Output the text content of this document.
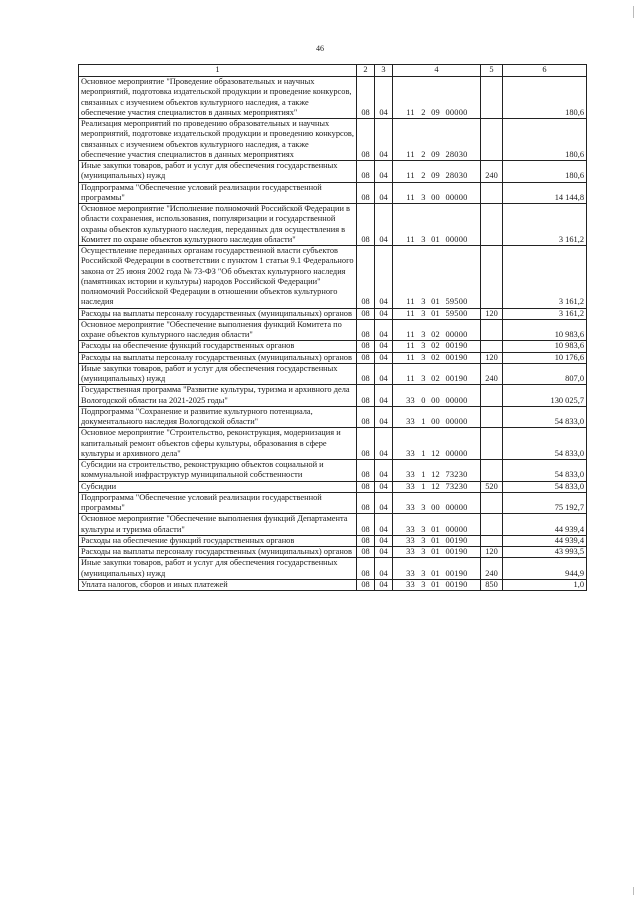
46
1	2	3	4	5	6
Основное мероприятие "Проведение образовательных и научных мероприятий, подготовка издательской продукции и проведение конкурсов, связанных с изучением объектов культурного наследия, а также обеспечение участия специалистов в данных мероприятиях"	08	04	11 2 09 00000		180,6
Реализация мероприятий по проведению образовательных и научных мероприятий, подготовке издательской продукции и проведению конкурсов, связанных с изучением объектов культурного наследия, а также обеспечение участия специалистов в данных мероприятиях	08	04	11 2 09 28030		180,6
Иные закупки товаров, работ и услуг для обеспечения государственных (муниципальных) нужд	08	04	11 2 09 28030	240	180,6
Подпрограмма "Обеспечение условий реализации государственной программы"	08	04	11 3 00 00000		14 144,8
Основное мероприятие "Исполнение полномочий Российской Федерации в области сохранения, использования, популяризации и государственной охраны объектов культурного наследия, переданных для осуществления в Комитет по охране объектов культурного наследия области"	08	04	11 3 01 00000		3 161,2
Осуществление переданных органам государственной власти субъектов Российской Федерации в соответствии с пунктом 1 статьи 9.1 Федерального закона от 25 июня 2002 года № 73-ФЗ "Об объектах культурного наследия (памятниках истории и культуры) народов Российской Федерации" полномочий Российской Федерации в отношении объектов культурного наследия	08	04	11 3 01 59500		3 161,2
Расходы на выплаты персоналу государственных (муниципальных) органов	08	04	11 3 01 59500	120	3 161,2
Основное мероприятие "Обеспечение выполнения функций Комитета по охране объектов культурного наследия области"	08	04	11 3 02 00000		10 983,6
Расходы на обеспечение функций государственных органов	08	04	11 3 02 00190		10 983,6
Расходы на выплаты персоналу государственных (муниципальных) органов	08	04	11 3 02 00190	120	10 176,6
Иные закупки товаров, работ и услуг для обеспечения государственных (муниципальных) нужд	08	04	11 3 02 00190	240	807,0
Государственная программа "Развитие культуры, туризма и архивного дела Вологодской области на 2021-2025 годы"	08	04	33 0 00 00000		130 025,7
Подпрограмма "Сохранение и развитие культурного потенциала, документального наследия Вологодской области"	08	04	33 1 00 00000		54 833,0
Основное мероприятие "Строительство, реконструкция, модернизация и капитальный ремонт объектов сферы культуры, образования в сфере культуры и архивного дела"	08	04	33 1 12 00000		54 833,0
Субсидии на строительство, реконструкцию объектов социальной и коммунальной инфраструктур муниципальной собственности	08	04	33 1 12 73230		54 833,0
Субсидии	08	04	33 1 12 73230	520	54 833,0
Подпрограмма "Обеспечение условий реализации государственной программы"	08	04	33 3 00 00000		75 192,7
Основное мероприятие "Обеспечение выполнения функций Департамента культуры и туризма области"	08	04	33 3 01 00000		44 939,4
Расходы на обеспечение функций государственных органов	08	04	33 3 01 00190		44 939,4
Расходы на выплаты персоналу государственных (муниципальных) органов	08	04	33 3 01 00190	120	43 993,5
Иные закупки товаров, работ и услуг для обеспечения государственных (муниципальных) нужд	08	04	33 3 01 00190	240	944,9
Уплата налогов, сборов и иных платежей	08	04	33 3 01 00190	850	1,0
